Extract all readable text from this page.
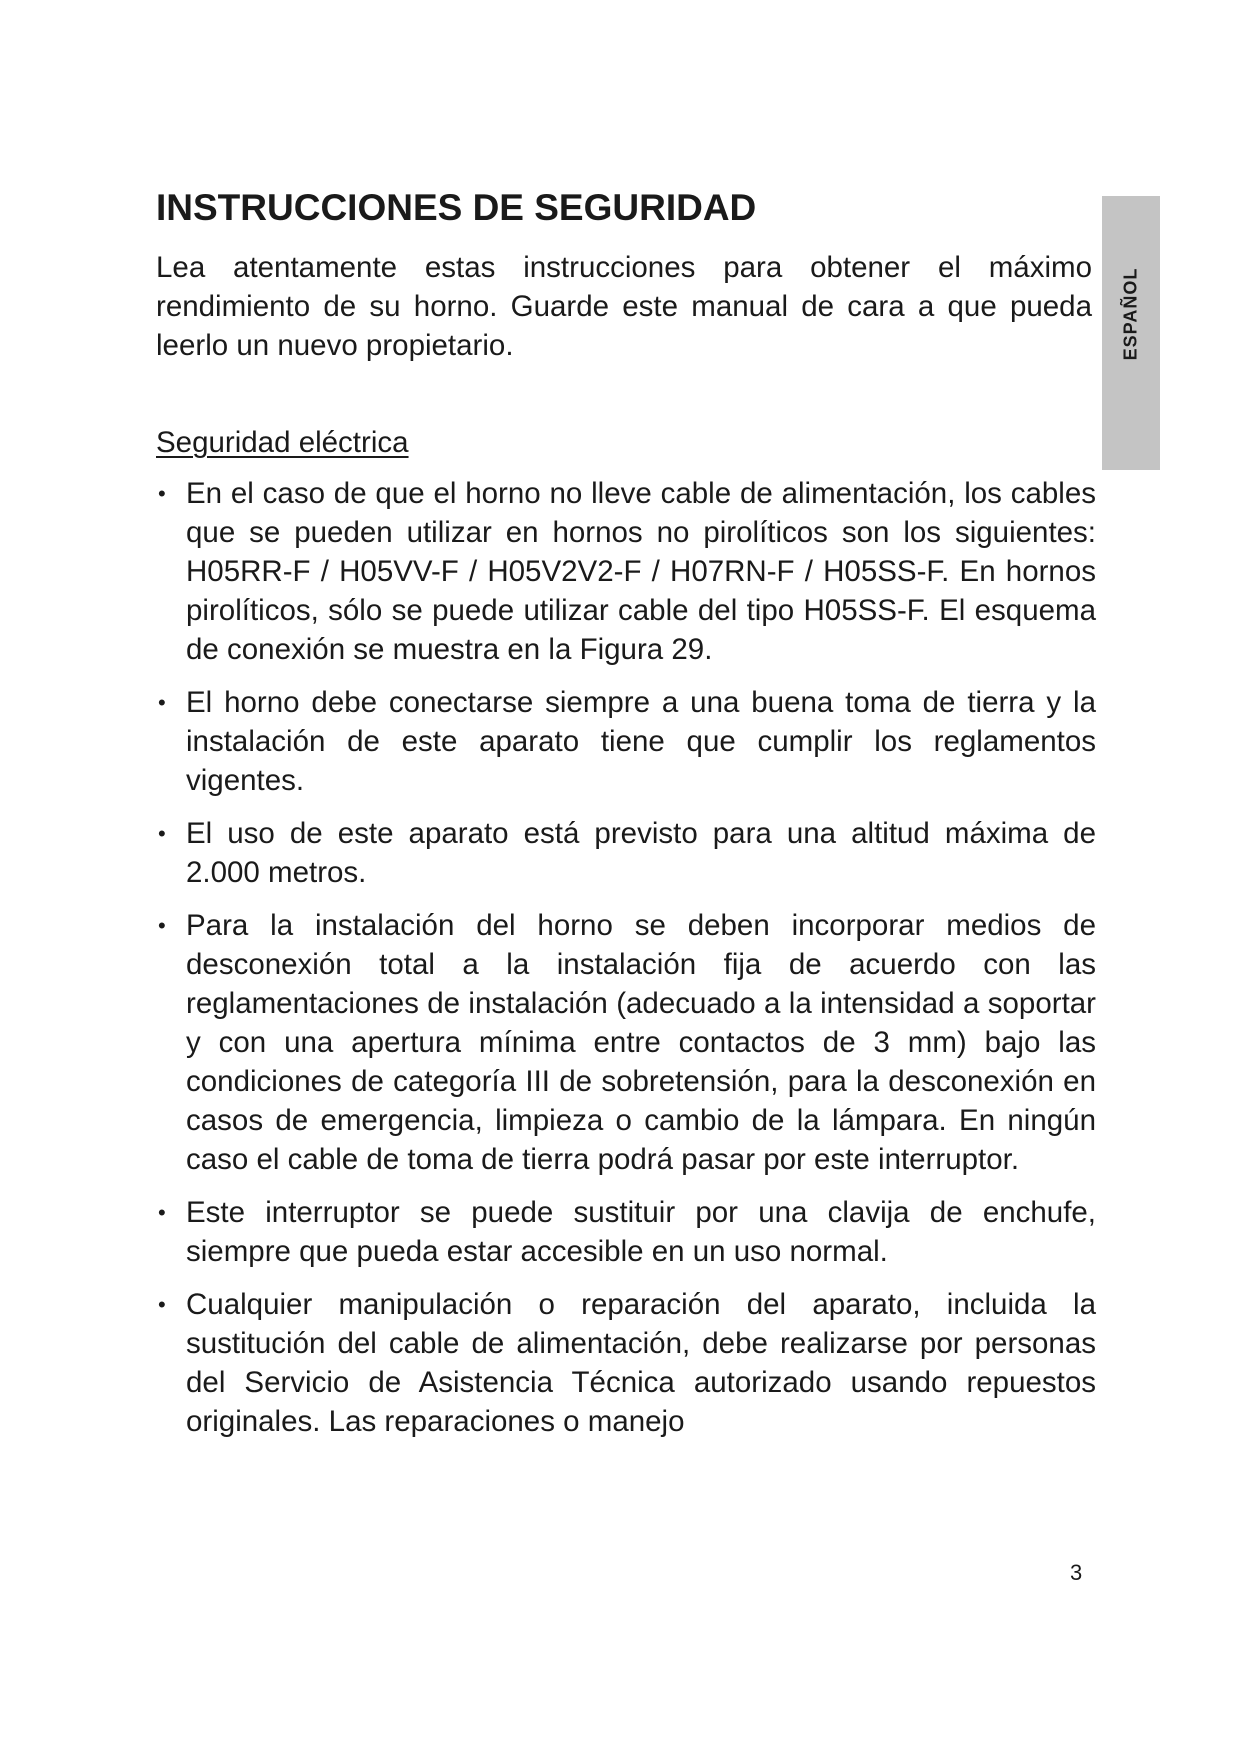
INSTRUCCIONES DE SEGURIDAD

Lea atentamente estas instrucciones para obtener el máximo rendimiento de su horno. Guarde este manual de cara a que pueda leerlo un nuevo propietario.	ESPAÑOL
Seguridad eléctrica
• En el caso de que el horno no lleve cable de alimentación, los cables que se pueden utilizar en hornos no pirolíticos son los siguientes: H05RR-F / H05VV-F / H05V2V2-F / H07RN-F / H05SS-F. En hornos pirolíticos, sólo se puede utilizar cable del tipo H05SS-F. El esquema de conexión se muestra en la Figura 29.
• El horno debe conectarse siempre a una buena toma de tierra y la instalación de este aparato tiene que cumplir los reglamentos vigentes.
• El uso de este aparato está previsto para una altitud máxima de 2.000 metros.
• Para la instalación del horno se deben incorporar medios de desconexión total a la instalación fija de acuerdo con las reglamentaciones de instalación (adecuado a la intensidad a soportar y con una apertura mínima entre contactos de 3 mm) bajo las condiciones de categoría III de sobretensión, para la desconexión en casos de emergencia, limpieza o cambio de la lámpara. En ningún caso el cable de toma de tierra podrá pasar por este interruptor.
• Este interruptor se puede sustituir por una clavija de enchufe, siempre que pueda estar accesible en un uso normal.
• Cualquier manipulación o reparación del aparato, incluida la sustitución del cable de alimentación, debe realizarse por personas del Servicio de Asistencia Técnica autorizado usando repuestos originales. Las reparaciones o manejo
3
